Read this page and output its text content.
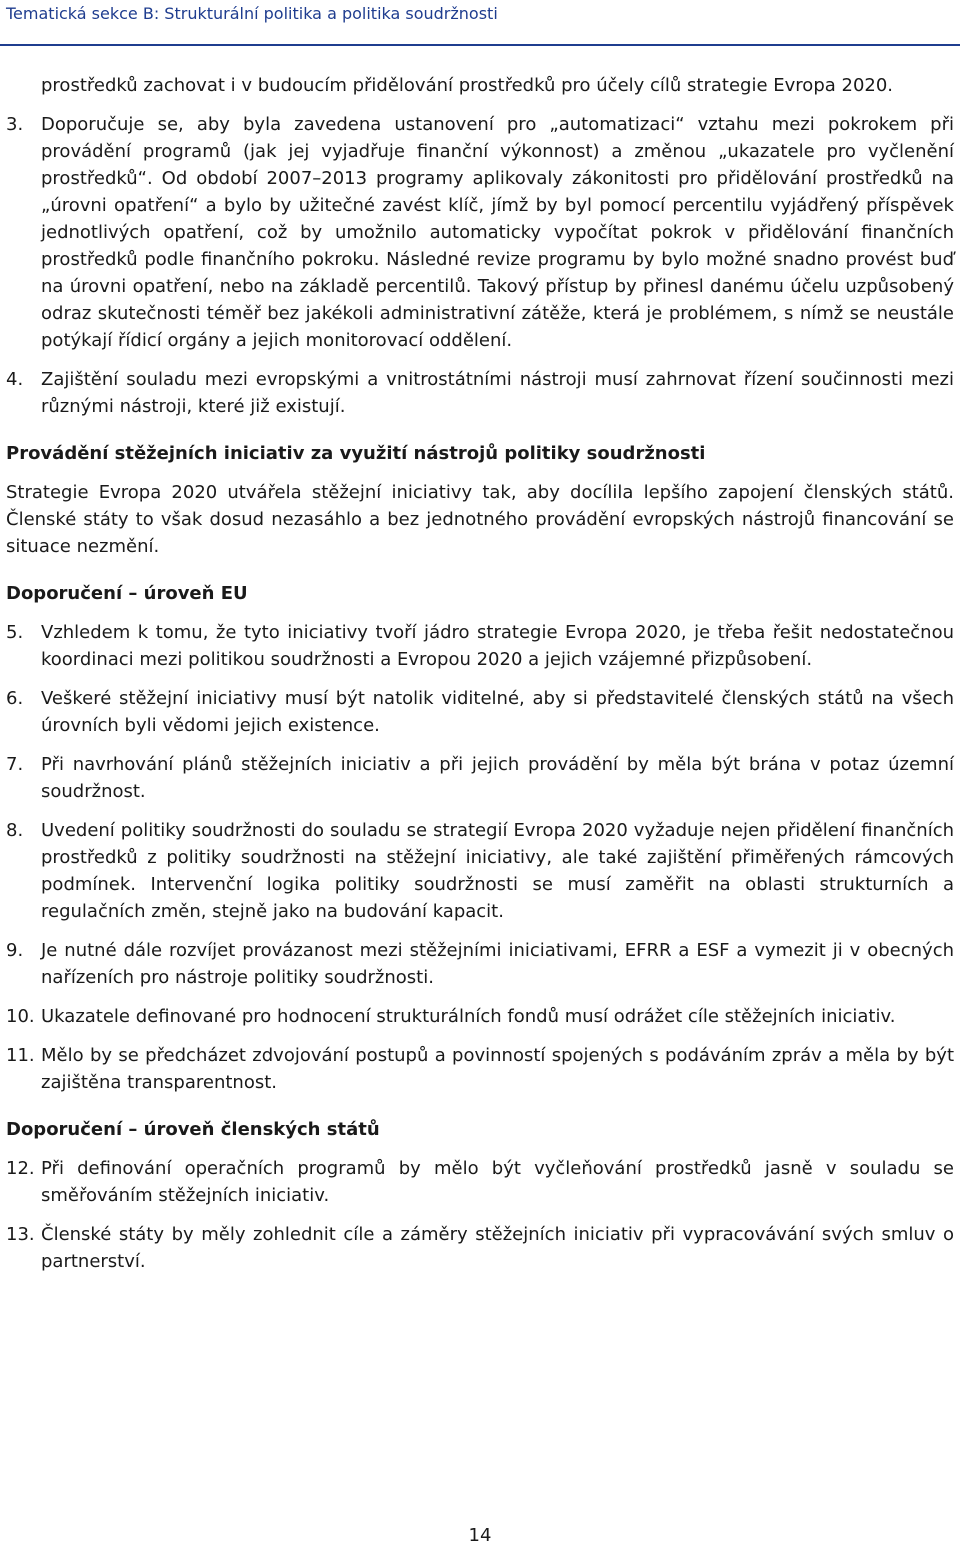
Tematická sekce B: Strukturální politika a politika soudržnosti
prostředků zachovat i v budoucím přidělování prostředků pro účely cílů strategie Evropa 2020.
3. Doporučuje se, aby byla zavedena ustanovení pro „automatizaci“ vztahu mezi pokrokem při provádění programů (jak jej vyjadřuje finanční výkonnost) a změnou „ukazatele pro vyčlenění prostředků“. Od období 2007–2013 programy aplikovaly zákonitosti pro přidělování prostředků na „úrovni opatření“ a bylo by užitečné zavést klíč, jímž by byl pomocí percentilu vyjádřený příspěvek jednotlivých opatření, což by umožnilo automaticky vypočítat pokrok v přidělování finančních prostředků podle finančního pokroku. Následné revize programu by bylo možné snadno provést buď na úrovni opatření, nebo na základě percentilů. Takový přístup by přinesl danému účelu uzpůsobený odraz skutečnosti téměř bez jakékoli administrativní zátěže, která je problémem, s nímž se neustále potýkají řídicí orgány a jejich monitorovací oddělení.
4. Zajištění souladu mezi evropskými a vnitrostátními nástroji musí zahrnovat řízení součinnosti mezi různými nástroji, které již existují.
Provádění stěžejních iniciativ za využití nástrojů politiky soudržnosti
Strategie Evropa 2020 utvářela stěžejní iniciativy tak, aby docílila lepšího zapojení členských států. Členské státy to však dosud nezasáhlo a bez jednotného provádění evropských nástrojů financování se situace nezmění.
Doporučení – úroveň EU
5. Vzhledem k tomu, že tyto iniciativy tvoří jádro strategie Evropa 2020, je třeba řešit nedostatečnou koordinaci mezi politikou soudržnosti a Evropou 2020 a jejich vzájemné přizpůsobení.
6. Veškeré stěžejní iniciativy musí být natolik viditelné, aby si představitelé členských států na všech úrovních byli vědomi jejich existence.
7. Při navrhování plánů stěžejních iniciativ a při jejich provádění by měla být brána v potaz územní soudržnost.
8. Uvedení politiky soudržnosti do souladu se strategií Evropa 2020 vyžaduje nejen přidělení finančních prostředků z politiky soudržnosti na stěžejní iniciativy, ale také zajištění přiměřených rámcových podmínek. Intervenční logika politiky soudržnosti se musí zaměřit na oblasti strukturních a regulačních změn, stejně jako na budování kapacit.
9. Je nutné dále rozvíjet provázanost mezi stěžejními iniciativami, EFRR a ESF a vymezit ji v obecných nařízeních pro nástroje politiky soudržnosti.
10. Ukazatele definované pro hodnocení strukturálních fondů musí odrážet cíle stěžejních iniciativ.
11. Mělo by se předcházet zdvojování postupů a povinností spojených s podáváním zpráv a měla by být zajištěna transparentnost.
Doporučení – úroveň členských států
12. Při definování operačních programů by mělo být vyčleňování prostředků jasně v souladu se směřováním stěžejních iniciativ.
13. Členské státy by měly zohlednit cíle a záměry stěžejních iniciativ při vypracovávání svých smluv o partnerství.
14
